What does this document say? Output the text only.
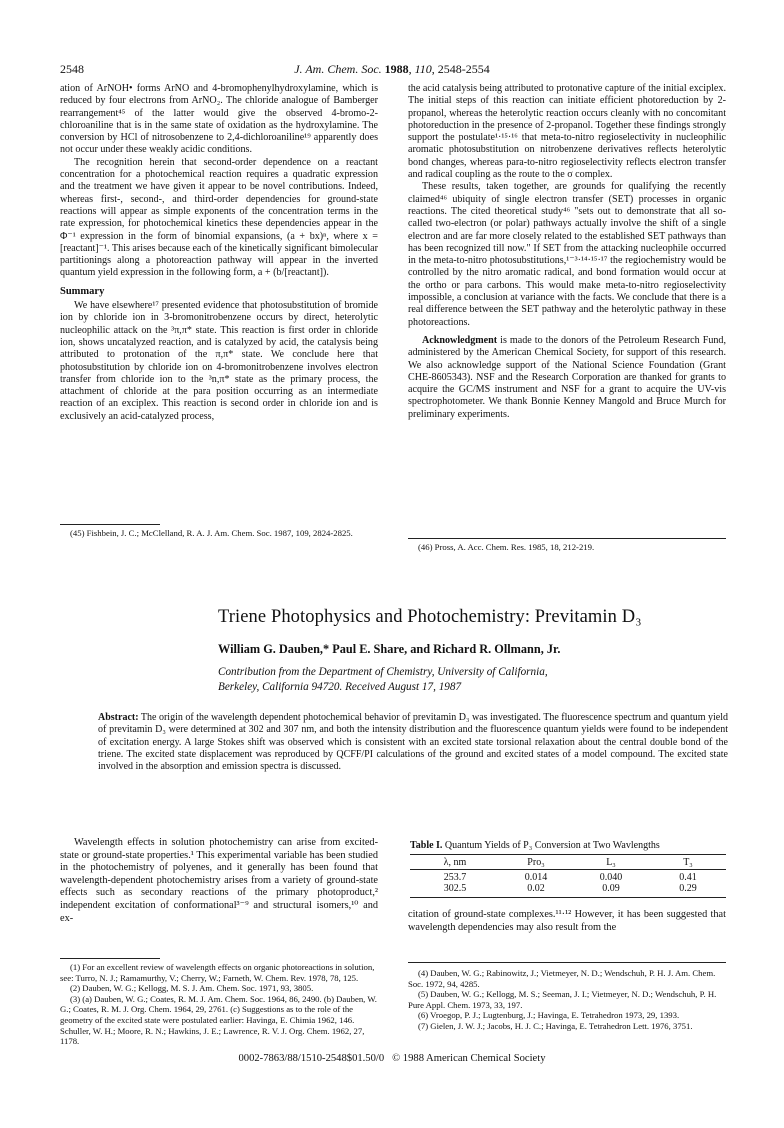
2548	J. Am. Chem. Soc. 1988, 110, 2548-2554

ation of ArNOH• forms ArNO and 4-bromophenylhydroxylamine, which is reduced by four electrons from ArNO₂. The chloride analogue of Bamberger rearrangement⁴⁵ of the latter would give the observed 4-bromo-2-chloroaniline that is in the same state of oxidation as the hydroxylamine. The conversion by HCl of nitrosobenzene to 2,4-dichloroaniline¹⁹ apparently does not occur under these weakly acidic conditions.

The recognition herein that second-order dependence on a reactant concentration for a photochemical reaction requires a quadratic expression and the treatment we have given it appear to be novel contributions. Indeed, whereas first-, second-, and third-order dependencies for ground-state reactions will appear as simple exponents of the concentration terms in the rate expression, for photochemical kinetics these dependencies appear in the Φ⁻¹ expression in the form of binomial expansions, (a + bx)ⁿ, where x = [reactant]⁻¹. This arises because each of the kinetically significant bimolecular partitionings along a photoreaction pathway will appear in the inverted quantum yield expression in the following form, a + (b/[reactant]).

Summary

We have elsewhere¹⁷ presented evidence that photosubstitution of bromide ion by chloride ion in 3-bromonitrobenzene occurs by direct, heterolytic nucleophilic attack on the ³π,π* state. This reaction is first order in chloride ion, shows uncatalyzed reaction, and is catalyzed by acid, the catalysis being attributed to protonation of the π,π* state. We conclude here that photosubstitution by chloride ion on 4-bromonitrobenzene involves electron transfer from chloride ion to the ³n,π* state as the primary process, the attachment of chloride at the para position occurring as an intermediate reaction of an exciplex. This reaction is second order in chloride ion and is exclusively an acid-catalyzed process,

(45) Fishbein, J. C.; McClelland, R. A. J. Am. Chem. Soc. 1987, 109, 2824-2825.

the acid catalysis being attributed to protonative capture of the initial exciplex. The initial steps of this reaction can initiate efficient photoreduction by 2-propanol, whereas the heterolytic reaction occurs cleanly with no concomitant photoreduction in the presence of 2-propanol. Together these findings strongly support the postulate¹·¹⁵·¹⁶ that meta-to-nitro regioselectivity in nucleophilic aromatic photosubstitution on nitrobenzene derivatives reflects heterolytic bond changes, whereas para-to-nitro regioselectivity reflects electron transfer and radical coupling as the route to the σ complex.

These results, taken together, are grounds for qualifying the recently claimed⁴⁶ ubiquity of single electron transfer (SET) processes in organic reactions. The cited theoretical study⁴⁶ "sets out to demonstrate that all so-called two-electron (or polar) pathways actually involve the shift of a single electron and are far more closely related to the established SET pathways than has been recognized till now." If SET from the attacking nucleophile occurred in the meta-to-nitro photosubstitutions,¹⁻³·¹⁴·¹⁵·¹⁷ the regiochemistry would be controlled by the nitro aromatic radical, and bond formation would occur at the ortho or para carbons. This would make meta-to-nitro regioselectivity impossible, a conclusion at variance with the facts. We conclude that there is a real difference between the SET pathway and the heterolytic pathway in these photoreactions.

Acknowledgment is made to the donors of the Petroleum Research Fund, administered by the American Chemical Society, for support of this research. We also acknowledge support of the National Science Foundation (Grant CHE-8605343). NSF and the Research Corporation are thanked for grants to acquire the GC/MS instrument and NSF for a grant to acquire the UV-vis spectrophotometer. We thank Bonnie Kenney Mangold and Bruce Murch for preliminary experiments.

(46) Pross, A. Acc. Chem. Res. 1985, 18, 212-219.

Triene Photophysics and Photochemistry: Previtamin D₃
William G. Dauben,* Paul E. Share, and Richard R. Ollmann, Jr.
Contribution from the Department of Chemistry, University of California,
Berkeley, California 94720. Received August 17, 1987
Abstract: The origin of the wavelength dependent photochemical behavior of previtamin D₃ was investigated. The fluorescence spectrum and quantum yield of previtamin D₃ were determined at 302 and 307 nm, and both the intensity distribution and the fluorescence quantum yields were found to be independent of excitation energy. A large Stokes shift was observed which is consistent with an excited state torsional relaxation about the central double bond of the triene. The excited state displacement was reproduced by QCFF/PI calculations of the ground and excited states of a model compound. The excited state involved in the absorption and emission spectra is discussed.

Wavelength effects in solution photochemistry can arise from excited-state or ground-state properties.¹ This experimental variable has been studied in the photochemistry of polyenes, and it generally has been found that wavelength-dependent photochemistry arises from a variety of ground-state effects such as secondary reactions of the primary photoproduct,² independent excitation of conformational³⁻⁹ and structural isomers,¹⁰ and ex-

(1) For an excellent review of wavelength effects on organic photoreactions in solution, see: Turro, N. J.; Ramamurthy, V.; Cherry, W.; Farneth, W. Chem. Rev. 1978, 78, 125.

(2) Dauben, W. G.; Kellogg, M. S. J. Am. Chem. Soc. 1971, 93, 3805.

(3) (a) Dauben, W. G.; Coates, R. M. J. Am. Chem. Soc. 1964, 86, 2490. (b) Dauben, W. G.; Coates, R. M. J. Org. Chem. 1964, 29, 2761. (c) Suggestions as to the role of the geometry of the excited state were postulated earlier: Havinga, E. Chimia 1962, 146. Schuller, W. H.; Moore, R. N.; Hawkins, J. E.; Lawrence, R. V. J. Org. Chem. 1962, 27, 1178.

Table I. Quantum Yields of P₃ Conversion at Two Wavlengths
λ, nm	Pro₃	L₃	T₃

253.7	0.014	0.040	0.41
302.5	0.02	0.09	0.29

citation of ground-state complexes.¹¹·¹² However, it has been suggested that wavelength dependencies may also result from the

(4) Dauben, W. G.; Rabinowitz, J.; Vietmeyer, N. D.; Wendschuh, P. H. J. Am. Chem. Soc. 1972, 94, 4285.

(5) Dauben, W. G.; Kellogg, M. S.; Seeman, J. I.; Vietmeyer, N. D.; Wendschuh, P. H. Pure Appl. Chem. 1973, 33, 197.

(6) Vroegop, P. J.; Lugtenburg, J.; Havinga, E. Tetrahedron 1973, 29, 1393.

(7) Gielen, J. W. J.; Jacobs, H. J. C.; Havinga, E. Tetrahedron Lett. 1976, 3751.

0002-7863/88/1510-2548$01.50/0 © 1988 American Chemical Society
